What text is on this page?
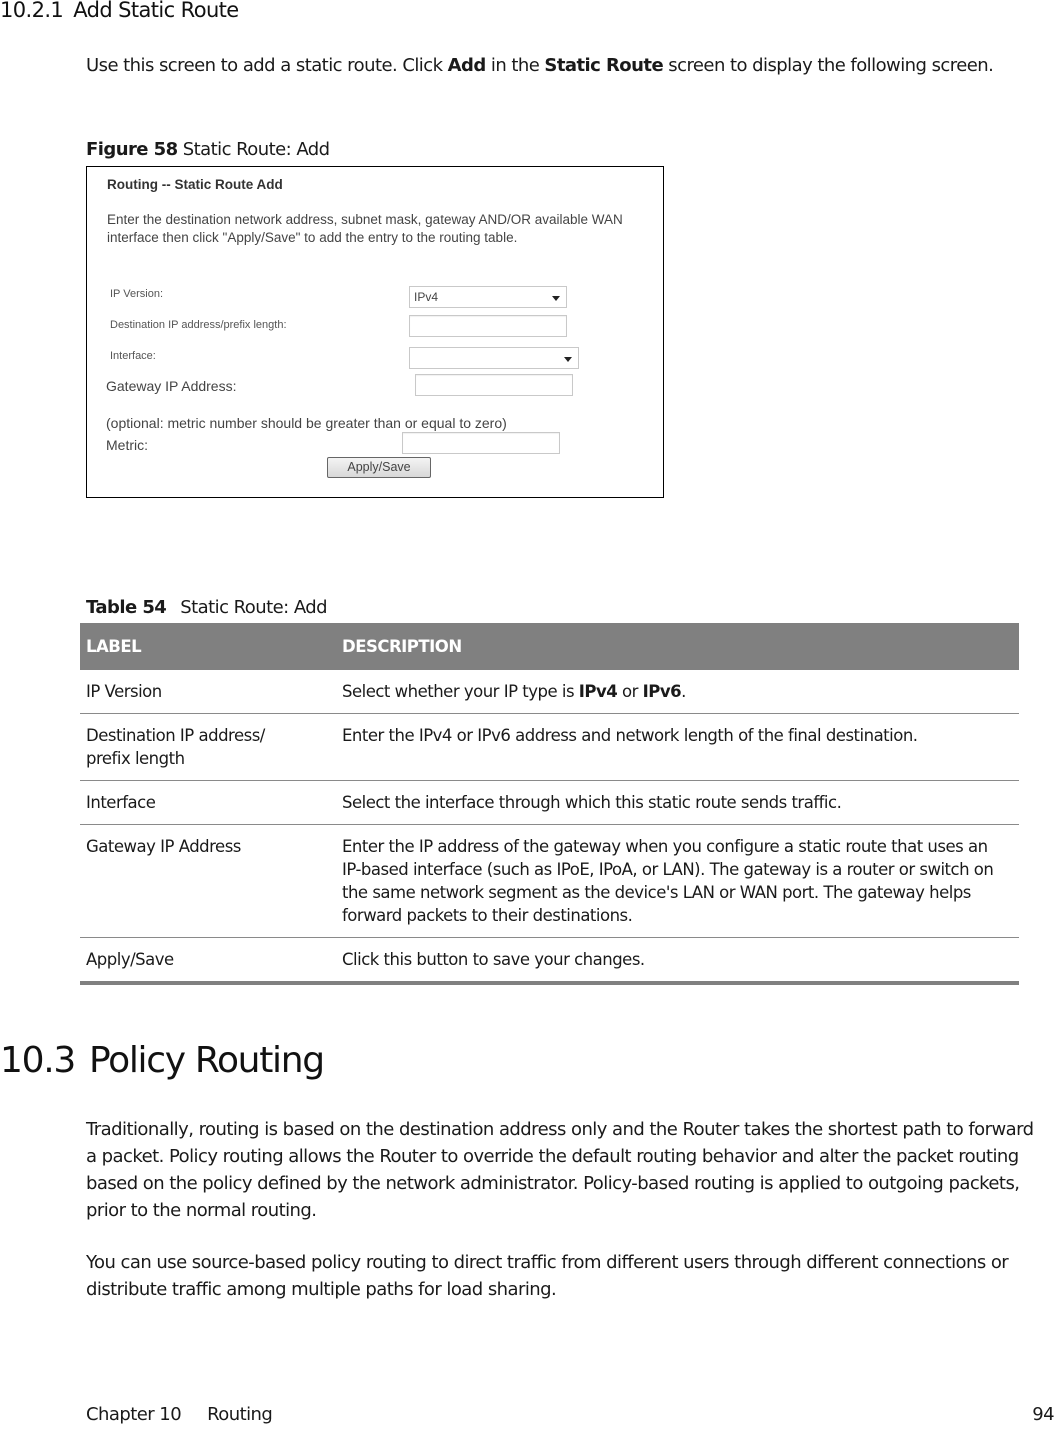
10.2.1 Add Static Route
Use this screen to add a static route. Click Add in the Static Route screen to display the following screen.
Figure 58 Static Route: Add
Routing -- Static Route Add
Enter the destination network address, subnet mask, gateway AND/OR available WAN interface then click "Apply/Save" to add the entry to the routing table.
IP Version:	IPv4
Destination IP address/prefix length:
Interface:
Gateway IP Address:
(optional: metric number should be greater than or equal to zero)
Metric:
Apply/Save
Table 54 Static Route: Add
LABEL	DESCRIPTION
IP Version	Select whether your IP type is IPv4 or IPv6.
Destination IP address/ prefix length	Enter the IPv4 or IPv6 address and network length of the final destination.
Interface	Select the interface through which this static route sends traffic.
Gateway IP Address	Enter the IP address of the gateway when you configure a static route that uses an IP-based interface (such as IPoE, IPoA, or LAN). The gateway is a router or switch on the same network segment as the device's LAN or WAN port. The gateway helps forward packets to their destinations.
Apply/Save	Click this button to save your changes.
10.3 Policy Routing
Traditionally, routing is based on the destination address only and the Router takes the shortest path to forward a packet. Policy routing allows the Router to override the default routing behavior and alter the packet routing based on the policy defined by the network administrator. Policy-based routing is applied to outgoing packets, prior to the normal routing.
You can use source-based policy routing to direct traffic from different users through different connections or distribute traffic among multiple paths for load sharing.
Chapter 10 Routing	94
